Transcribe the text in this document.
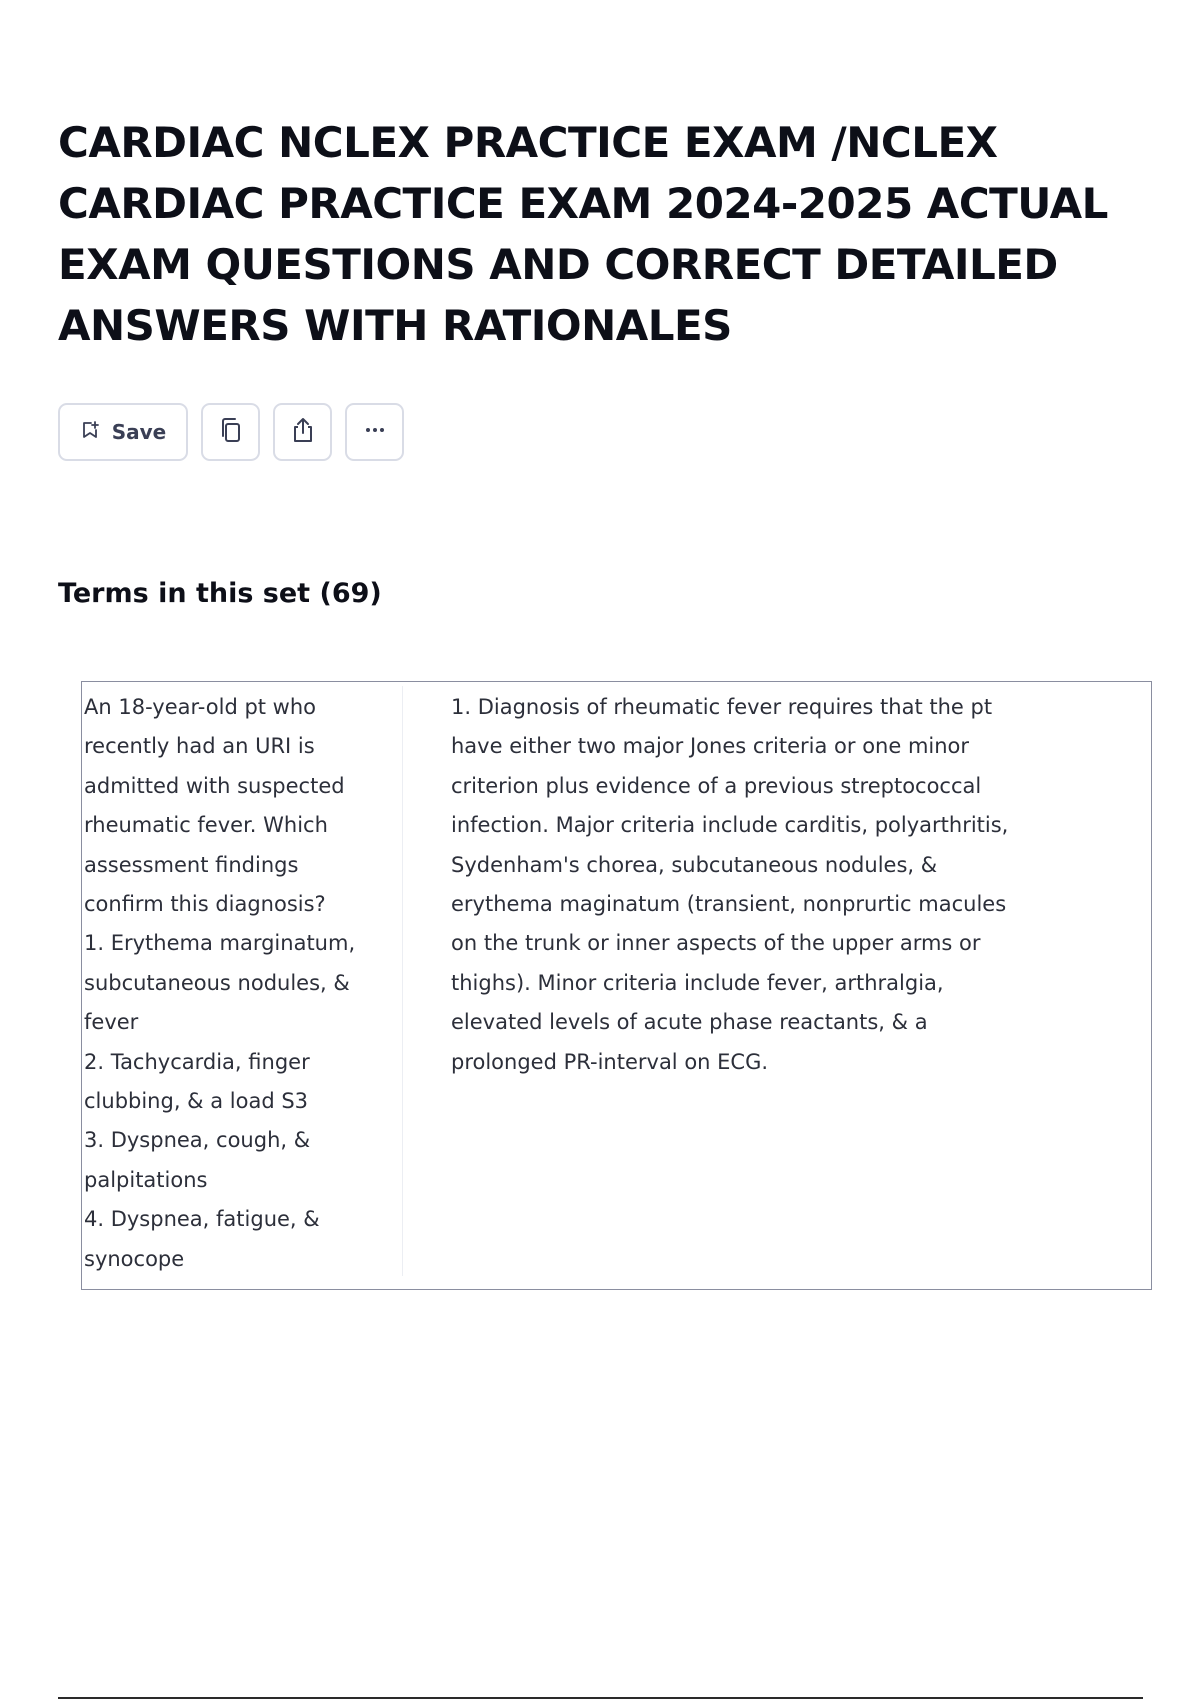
CARDIAC NCLEX PRACTICE EXAM /NCLEX CARDIAC PRACTICE EXAM 2024-2025 ACTUAL EXAM QUESTIONS AND CORRECT DETAILED ANSWERS WITH RATIONALES
Save
Terms in this set (69)
An 18-year-old pt who
recently had an URI is
admitted with suspected
rheumatic fever. Which
assessment findings
confirm this diagnosis?
1. Erythema marginatum,
subcutaneous nodules, &
fever
2. Tachycardia, finger
clubbing, & a load S3
3. Dyspnea, cough, &
palpitations
4. Dyspnea, fatigue, &
synocope
1. Diagnosis of rheumatic fever requires that the pt
have either two major Jones criteria or one minor
criterion plus evidence of a previous streptococcal
infection. Major criteria include carditis, polyarthritis,
Sydenham's chorea, subcutaneous nodules, &
erythema maginatum (transient, nonprurtic macules
on the trunk or inner aspects of the upper arms or
thighs). Minor criteria include fever, arthralgia,
elevated levels of acute phase reactants, & a
prolonged PR-interval on ECG.
